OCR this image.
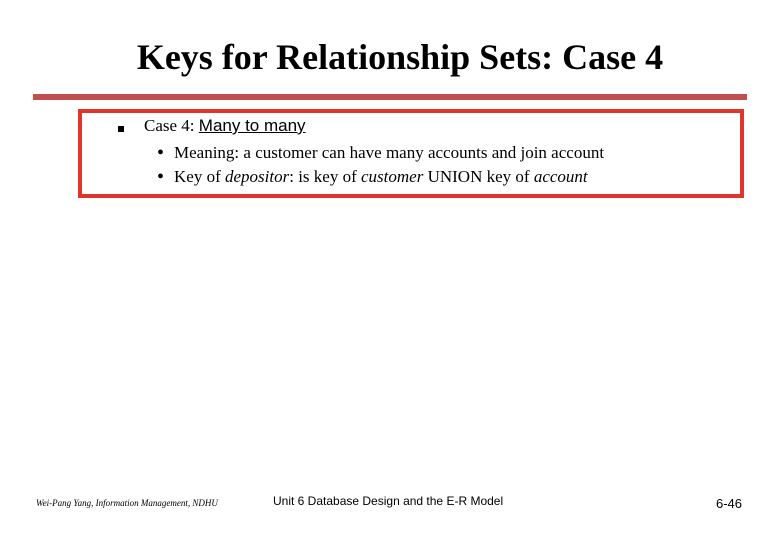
Keys for Relationship Sets: Case 4
Case 4: Many to many
• Meaning: a customer can have many accounts and join account
• Key of depositor: is key of customer UNION key of account
Wei-Pang Yang, Information Management, NDHU	Unit 6 Database Design and the E-R Model	6-46
